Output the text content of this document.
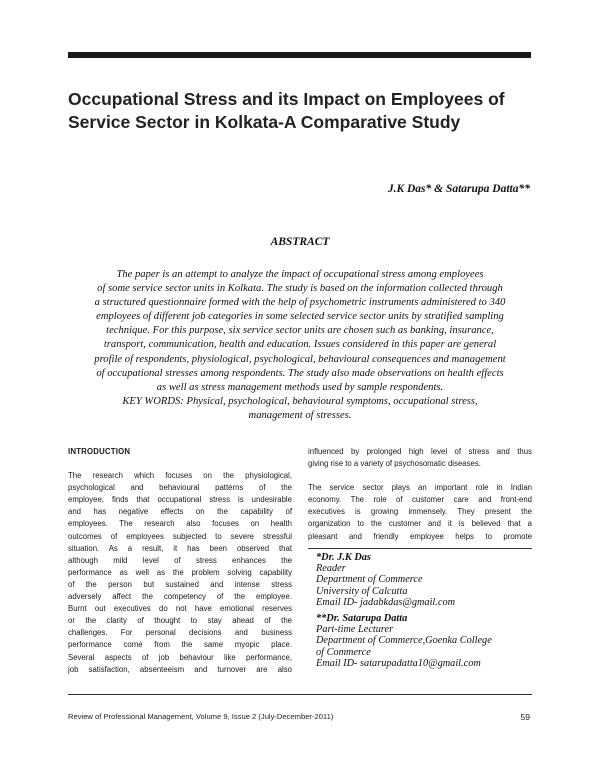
Occupational Stress and its Impact on Employees of
Service Sector in Kolkata-A Comparative Study
J.K Das* & Satarupa Datta**
ABSTRACT
The paper is an attempt to analyze the impact of occupational stress among employees
of some service sector units in Kolkata. The study is based on the information collected through
a structured questionnaire formed with the help of psychometric instruments administered to 340
employees of different job categories in some selected service sector units by stratified sampling
technique. For this purpose, six service sector units are chosen such as banking, insurance,
transport, communication, health and education. Issues considered in this paper are general
profile of respondents, physiological, psychological, behavioural consequences and management
of occupational stresses among respondents. The study also made observations on health effects
as well as stress management methods used by sample respondents.
KEY WORDS: Physical, psychological, behavioural symptoms, occupational stress,
management of stresses.
INTRODUCTION
The research which focuses on the physiological,
psychological and behavioural patterns of the
employee, finds that occupational stress is undesirable
and has negative effects on the capability of
employees. The research also focuses on health
outcomes of employees subjected to severe stressful
situation. As a result, it has been observed that
although mild level of stress enhances the
performance as well as the problem solving capability
of the person but sustained and intense stress
adversely affect the competency of the employee.
Burnt out executives do not have emotional reserves
or the clarity of thought to stay ahead of the
challenges. For personal decisions and business
performance come from the same myopic place.
Several aspects of job behaviour like performance,
job satisfaction, absenteeism and turnover are also
influenced by prolonged high level of stress and thus
giving rise to a variety of psychosomatic diseases.
The service sector plays an important role in Indian
economy. The role of customer care and front-end
executives is growing immensely. They present the
organization to the customer and it is believed that a
pleasant and friendly employee helps to promote
*Dr. J.K Das
Reader
Department of Commerce
University of Calcutta
Email ID- jadabkdas@gmail.com
**Dr. Satarupa Datta
Part-time Lecturer
Department of Commerce,Goenka College
of Commerce
Email ID- satarupadatta10@gmail.com
Review of Professional Management, Volume 9, Issue 2 (July-December-2011)	59
